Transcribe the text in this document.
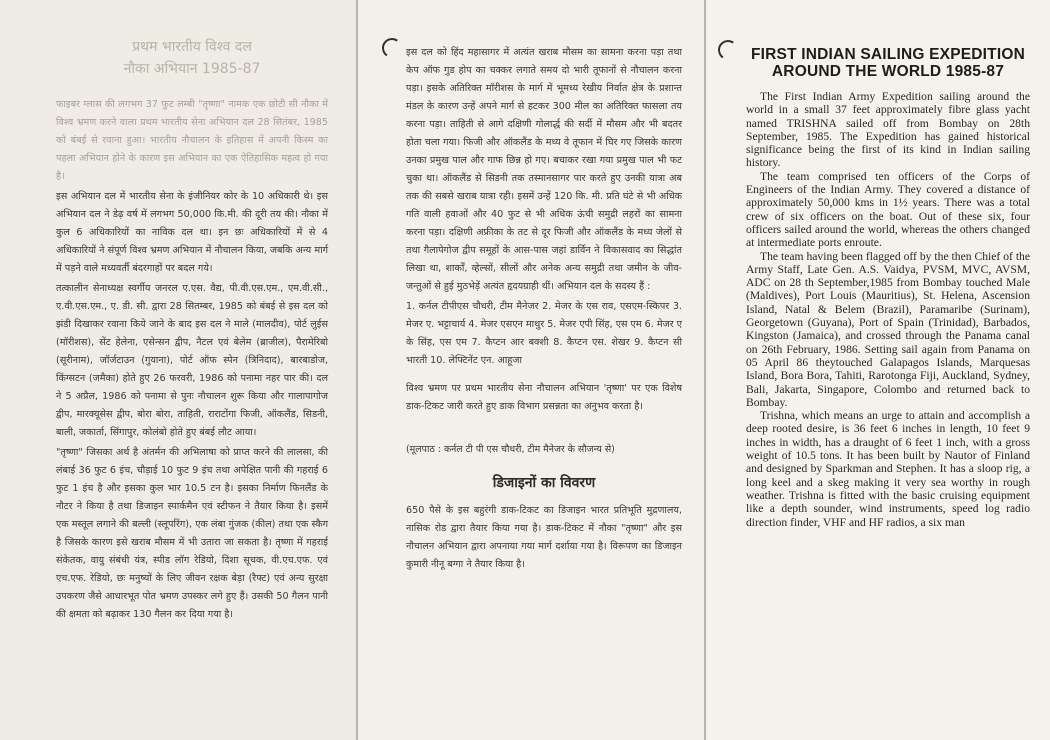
प्रथम भारतीय विश्व दल

नौका अभियान 1985-87

फाइबर ग्लास की लगभग 37 फुट लम्बी "तृष्णा" नामक एक छोटी सी नौका में विश्व भ्रमण करने वाला प्रथम भारतीय सेना अभियान दल 28 सितंबर, 1985 को बंबई से रवाना हुआ। भारतीय नौचालन के इतिहास में अपनी किस्म का पहला अभियान होने के कारण इस अभियान का एक ऐतिहासिक महत्व हो गया है।

इस अभियान दल में भारतीय सेना के इंजीनियर कोर के 10 अधिकारी थे। इस अभियान दल ने डेढ़ वर्ष में लगभग 50,000 कि.मी. की दूरी तय की। नौका में कुल 6 अधिकारियों का नाविक दल था। इन छः अधिकारियों में से 4 अधिकारियों ने संपूर्ण विश्व भ्रमण अभियान में नौचालन किया, जबकि अन्य मार्ग में पड़ने वाले मध्यवर्ती बंदरगाहों पर बदल गये।

तत्कालीन सेनाध्यक्ष स्वर्गीय जनरल ए.एस. वैद्य, पी.वी.एस.एम., एम.वी.सी., ए.वी.एस.एम., ए. डी. सी. द्वारा 28 सितम्बर, 1985 को बंबई से इस दल को झंडी दिखाकर रवाना किये जाने के बाद इस दल ने माले (मालदीव), पोर्ट लुईस (मॉरीशस), सेंट हेलेना, एसेन्सन द्वीप, नैटल एवं बेलेम (ब्राजील), पैरामेरिबो (सूरीनाम), जॉर्जटाउन (गुयाना), पोर्ट ऑफ स्पेन (त्रिनिदाद), बारबाडोज, किंग्सटन (जमैका) होते हुए 26 फरवरी, 1986 को पनामा नहर पार की। दल ने 5 अप्रैल, 1986 को पनामा से पुनः नौचालन शुरू किया और गालापागोज द्वीप, मारक्यूसेस द्वीप, बोरा बोरा, ताहिती, राराटोंगा फिजी, ऑकलैंड, सिडनी, बाली, जकार्ता, सिंगापुर, कोलंबो होते हुए बंबई लौट आया।

"तृष्णा" जिसका अर्थ है अंतर्मन की अभिलाषा को प्राप्त करने की लालसा, की लंबाई 36 फुट 6 इंच, चौड़ाई 10 फुट 9 इंच तथा अपेक्षित पानी की गहराई 6 फुट 1 इंच है और इसका कुल भार 10.5 टन है। इसका निर्माण फिनलैंड के नौटर ने किया है तथा डिजाइन स्पार्कमैन एवं स्टीफन ने तैयार किया है। इसमें एक मस्तूल लगाने की बल्ली (स्लूपरिंग), एक लंबा गुंजक (कील) तथा एक स्कैग है जिसके कारण इसे खराब मौसम में भी उतारा जा सकता है। तृष्णा में गहराई संकेतक, वायु संबंधी यंत्र, स्पीड लॉग रेडियो, दिशा सूचक, वी.एच.एफ. एवं एच.एफ. रेडियो, छः मनुष्यों के लिए जीवन रक्षक बेड़ा (रैफ्ट) एवं अन्य सुरक्षा उपकरण जैसे आधारभूत पोत भ्रमण उपस्कर लगे हुए हैं। उसकी 50 गैलन पानी की क्षमता को बढ़ाकर 130 गैलन कर दिया गया है।

इस दल को हिंद महासागर में अत्यंत खराब मौसम का सामना करना पड़ा तथा केप ऑफ गुड होप का चक्कर लगाते समय दो भारी तूफानों से नौचालन करना पड़ा। इसके अतिरिक्त मॉरीशस के मार्ग में भूमध्य रेखीय निर्वात क्षेत्र के प्रशान्त मंडल के कारण उन्हें अपने मार्ग से हटकर 300 मील का अतिरिक्त फासला तय करना पड़ा। ताहिती से आगे दक्षिणी गोलार्द्ध की सर्दी में मौसम और भी बदतर होता चला गया। फिजी और ऑकलैंड के मध्य वे तूफान में घिर गए जिसके कारण उनका प्रमुख पाल और गाफ छिन्न हो गए। बचाकर रखा गया प्रमुख पाल भी फट चुका था। ऑकलैंड से सिडनी तक तस्मानसागर पार करते हुए उनकी यात्रा अब तक की सबसे खराब यात्रा रही। इसमें उन्हें 120 कि. मी. प्रति घंटे से भी अधिक गति वाली हवाओं और 40 फुट से भी अधिक ऊंची समुद्री लहरों का सामना करना पड़ा। दक्षिणी अफ्रीका के तट से दूर फिजी और ऑकलैंड के मध्य जेलों से तथा गैलापेगोज द्वीप समूहों के आस-पास जहां डार्विन ने विकासवाद का सिद्धांत लिखा था, शार्कों, व्हेल्सों, सीलों और अनेक अन्य समुद्री तथा जमीन के जीव-जन्तुओं से हुई मुठभेड़ें अत्यंत हृदयग्राही थीं। अभियान दल के सदस्य हैं :

1. कर्नल टीपीएस चौधरी, टीम मैनेजर 2. मेजर के एस राव, एसएम-स्किपर 3. मेजर ए. भट्टाचार्य 4. मेजर एसएन माथुर 5. मेजर एपी सिंह, एस एम 6. मेजर ए के सिंह, एस एम 7. कैप्टन आर बक्शी 8. कैप्टन एस. शेखर 9. कैप्टन सी भारती 10. लेफ्टिनेंट एन. आहूजा

विश्व भ्रमण पर प्रथम भारतीय सेना नौचालन अभियान 'तृष्णा' पर एक विशेष डाक-टिकट जारी करते हुए डाक विभाग प्रसन्नता का अनुभव करता है।

(मूलपाठ : कर्नल टी पी एस चौधरी, टीम मैनेजर के सौजन्य से)

डिजाइनों का विवरण

650 पैसे के इस बहुरंगी डाक-टिकट का डिजाइन भारत प्रतिभूति मुद्रणालय, नासिक रोड द्वारा तैयार किया गया है। डाक-टिकट में नौका "तृष्णा" और इस नौचालन अभियान द्वारा अपनाया गया मार्ग दर्शाया गया है। विरूपण का डिजाइन कुमारी नीनू बग्गा ने तैयार किया है।

FIRST INDIAN SAILING EXPEDITION AROUND THE WORLD 1985-87

The First Indian Army Expedition sailing around the world in a small 37 feet approximately fibre glass yacht named TRISHNA sailed off from Bombay on 28th September, 1985. The Expedition has gained historical significance being the first of its kind in Indian sailing history.

The team comprised ten officers of the Corps of Engineers of the Indian Army. They covered a distance of approximately 50,000 kms in 1½ years. There was a total crew of six officers on the boat. Out of these six, four officers sailed around the world, whereas the others changed at intermediate ports enroute.

The team having been flagged off by the then Chief of the Army Staff, Late Gen. A.S. Vaidya, PVSM, MVC, AVSM, ADC on 28 th September,1985 from Bombay touched Male (Maldives), Port Louis (Mauritius), St. Helena, Ascension Island, Natal & Belem (Brazil), Paramaribe (Surinam), Georgetown (Guyana), Port of Spain (Trinidad), Barbados, Kingston (Jamaica), and crossed through the Panama canal on 26th February, 1986. Setting sail again from Panama on 05 April 86 theytouched Galapagos Islands, Marquesas Island, Bora Bora, Tahiti, Rarotonga Fiji, Auckland, Sydney, Bali, Jakarta, Singapore, Colombo and returned back to Bombay.

Trishna, which means an urge to attain and accomplish a deep rooted desire, is 36 feet 6 inches in length, 10 feet 9 inches in width, has a draught of 6 feet 1 inch, with a gross weight of 10.5 tons. It has been built by Nautor of Finland and designed by Sparkman and Stephen. It has a sloop rig, a long keel and a skeg making it very sea worthy in rough weather. Trishna is fitted with the basic cruising equipment like a depth sounder, wind instruments, speed log radio direction finder, VHF and HF radios, a six man
